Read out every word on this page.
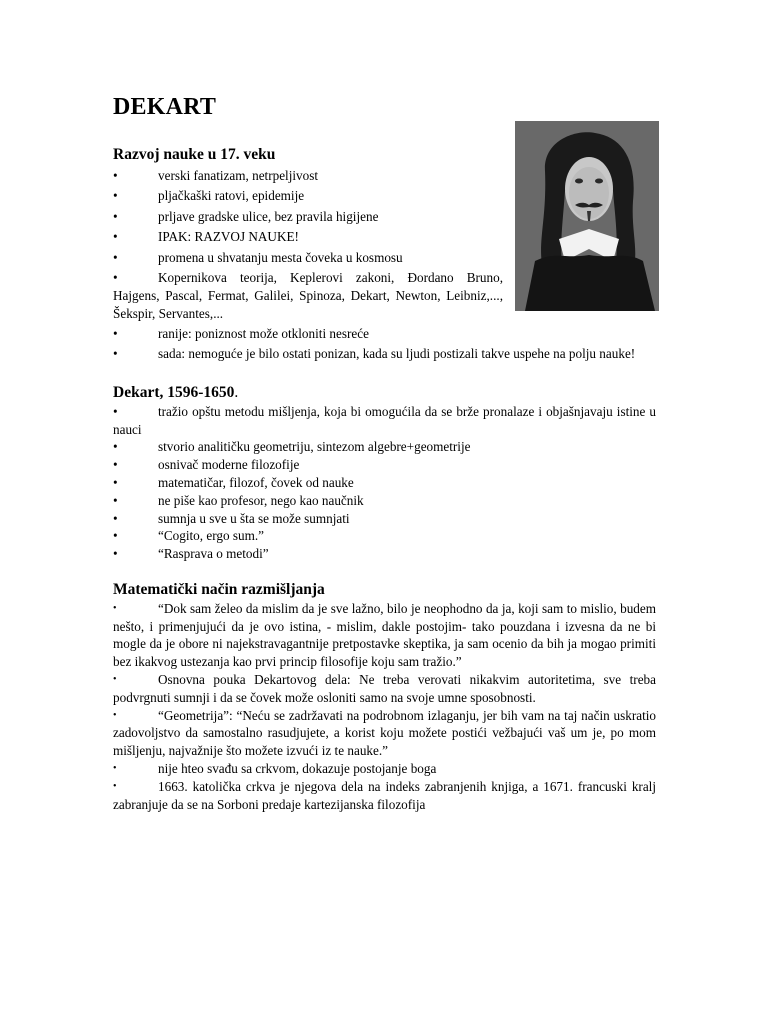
DEKART
Razvoj nauke u 17. veku
•	verski fanatizam, netrpeljivost
•	pljačkaški ratovi, epidemije
•	prljave gradske ulice, bez pravila higijene
•	IPAK: RAZVOJ NAUKE!
•	promena u shvatanju mesta čoveka u kosmosu
•	Kopernikova teorija, Keplerovi zakoni, Đordano Bruno, Hajgens, Pascal, Fermat, Galilei, Spinoza, Dekart, Newton, Leibniz,..., Šekspir, Servantes,...
•	ranije: poniznost može otkloniti nesreće
•	sada: nemoguće je bilo ostati ponizan, kada su ljudi postizali takve uspehe na polju nauke!
Dekart, 1596-1650.
•	tražio opštu metodu mišljenja, koja bi omogućila da se brže pronalaze i objašnjavaju istine u nauci
•	stvorio analitičku geometriju, sintezom algebre+geometrije
•	osnivač moderne filozofije
•	matematičar, filozof, čovek od nauke
•	ne piše kao profesor, nego kao naučnik
•	sumnja u sve u šta se može sumnjati
•	“Cogito, ergo sum.”
•	“Rasprava o metodi”
Matematički način razmišljanja
•	“Dok sam želeo da mislim da je sve lažno, bilo je neophodno da ja, koji sam to mislio, budem nešto, i primenjujući da je ovo istina, - mislim, dakle postojim- tako pouzdana i izvesna da ne bi mogle da je obore ni najekstravagantnije pretpostavke skeptika, ja sam ocenio da bih ja mogao primiti bez ikakvog ustezanja kao prvi princip filosofije koju sam tražio.”
•	Osnovna pouka Dekartovog dela: Ne treba verovati nikakvim autoritetima, sve treba podvrgnuti sumnji i da se čovek može osloniti samo na svoje umne sposobnosti.
•	“Geometrija”: “Neću se zadržavati na podrobnom izlaganju, jer bih vam na taj način uskratio zadovoljstvo da samostalno rasudjujete, a korist koju možete postići vežbajući vaš um je, po mom mišljenju, najvažnije što možete izvući iz te nauke.”
•	nije hteo svađu sa crkvom, dokazuje postojanje boga
•	1663. katolička crkva je njegova dela na indeks zabranjenih knjiga, a 1671. francuski kralj zabranjuje da se na Sorboni predaje kartezijanska filozofija
